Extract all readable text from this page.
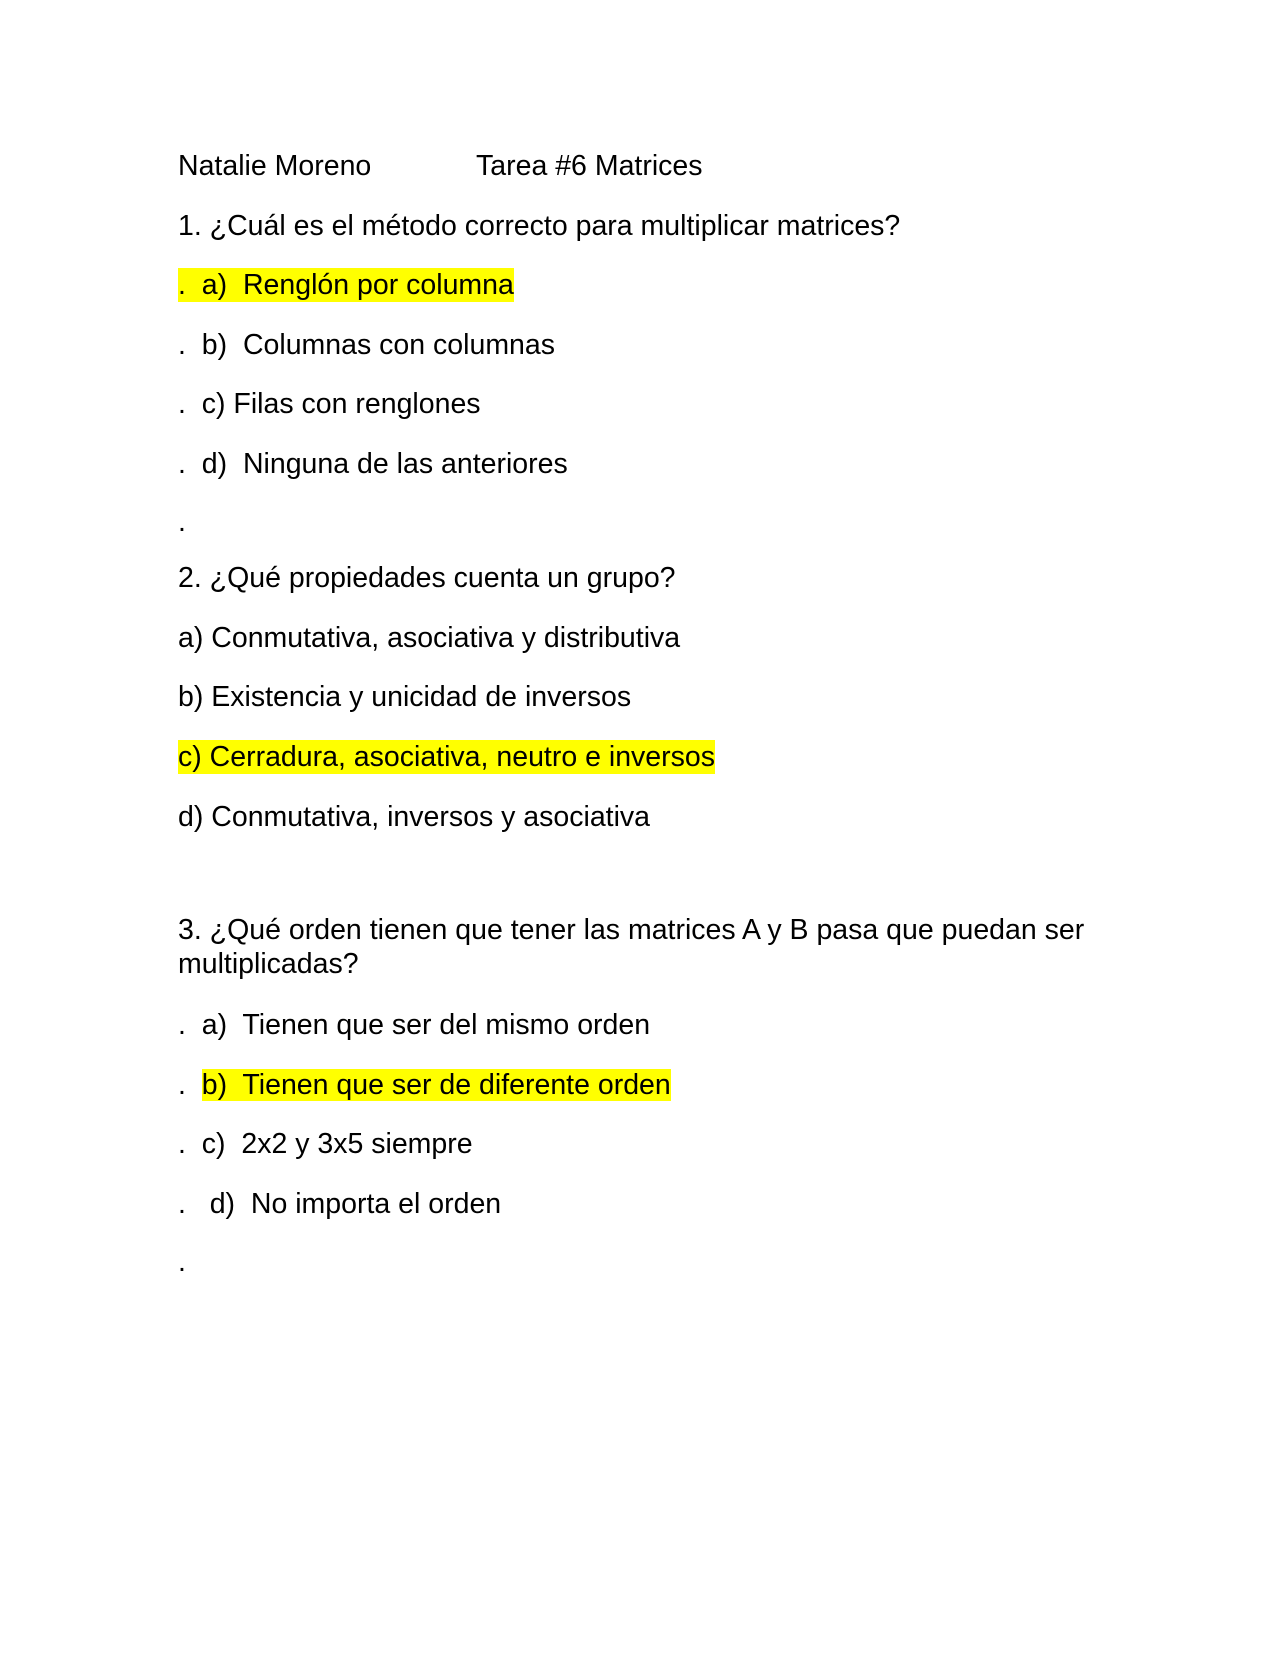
Natalie Moreno	Tarea #6 Matrices
1. ¿Cuál es el método correcto para multiplicar matrices?
.  a)  Renglón por columna
.  b)  Columnas con columnas
.  c) Filas con renglones
.  d)  Ninguna de las anteriores
.
2. ¿Qué propiedades cuenta un grupo?
a) Conmutativa, asociativa y distributiva
b) Existencia y unicidad de inversos
c) Cerradura, asociativa, neutro e inversos
d) Conmutativa, inversos y asociativa
3. ¿Qué orden tienen que tener las matrices A y B pasa que puedan ser multiplicadas?
.  a)  Tienen que ser del mismo orden
.  b)  Tienen que ser de diferente orden
.  c)  2x2 y 3x5 siempre
.   d)  No importa el orden
.
